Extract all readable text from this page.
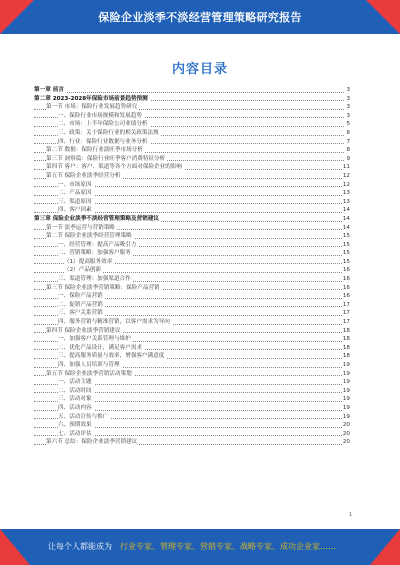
保险企业淡季不淡经营管理策略研究报告
内容目录
第一章 前言	3
第二章 2023-2028年保险市场前景趋势预测	3
第一节 市场：保险行业发展趋势研究	3
一、保险行业市场规模和发展趋势	3
二、市场：上半年保险公司业绩分析	5
三、政策：关于保险行业的相关政策法规	6
四、行业：保险行业数据与业务分析	7
第二节 数据：保险行业淡旺季市场分析	8
第三节 洞察篇：保险行业旺季客户消费特征分析	9
第四节 客户：客户、渠道等各个方面对保险企业的影响	11
第五节 保险企业淡季经营分析	12
一、市场原因	12
二、产品原因	13
三、渠道原因	13
四、客户因素	14
第三章 保险企业淡季不淡经营管理策略及营销建议	14
第一节 淡季运营与营销策略	14
第二节 保险企业淡季经营管理策略	15
一、经营管理：提高产品吸引力	15
二、营销策略：加强客户服务	15
（1）提高服务效率	15
（2）产品创新	16
三、渠道管理：加强渠道合作	16
第三节 保险企业淡季营销策略：保险产品营销	16
一、保险产品营销	16
二、促销产品营销	17
三、客户关系营销	17
四、服务营销与精准营销，以客户需求为导向	17
第四节 保险企业淡季营销建议	18
一、加强客户关系管理与维护	18
二、优化产品设计，满足客户需求	18
三、提高服务质量与效率，增强客户满意度	18
四、加强人员培训与管理	19
第五节 保险企业淡季营销活动策划	19
一、活动主题	19
二、活动时间	19
三、活动对象	19
四、活动内容	19
五、活动宣传与推广	19
六、预期效果	20
七、活动评估	20
第六节 总结：保险企业淡季营销建议	20
1
让每个人都能成为 行业专家、管理专家、营销专家、战略专家、成功企业家……
